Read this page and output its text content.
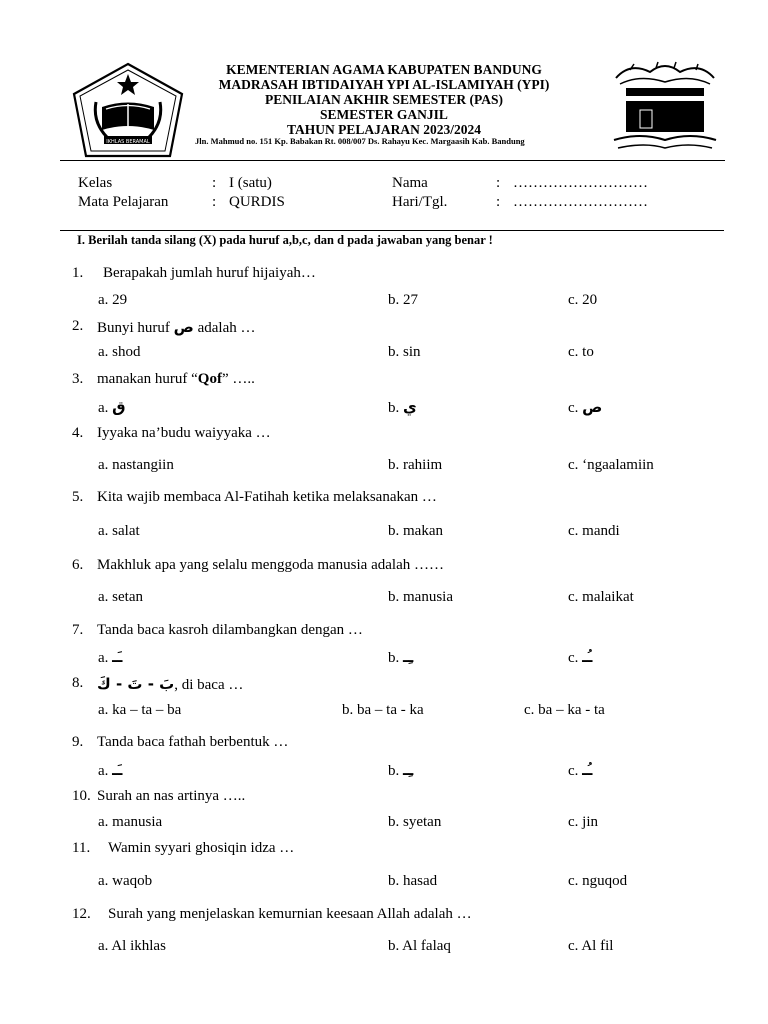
IKHLAS BERAMAL
KEMENTERIAN AGAMA KABUPATEN BANDUNG
MADRASAH IBTIDAIYAH YPI AL-ISLAMIYAH (YPI)
PENILAIAN AKHIR SEMESTER (PAS)
SEMESTER GANJIL
TAHUN PELAJARAN 2023/2024
Jln. Mahmud no. 151 Kp. Babakan Rt. 008/007 Ds. Rahayu Kec. Margaasih Kab. Bandung
Kelas	: I (satu)	Nama	: ………………………
Mata Pelajaran	: QURDIS	Hari/Tgl.	: ………………………
I. Berilah tanda silang (X) pada huruf a,b,c, dan d pada jawaban yang benar !
1. Berapakah jumlah huruf hijaiyah…
a. 29	b. 27	c. 20
2. Bunyi huruf ص adalah …
a. shod	b. sin	c. to
3. manakan huruf “Qof” …..
a. ق	b. ي	c. ص
4. Iyyaka na’budu waiyyaka …
a. nastangiin	b. rahiim	c. ‘ngaalamiin
5. Kita wajib membaca Al-Fatihah ketika melaksanakan …
a. salat	b. makan	c. mandi
6. Makhluk apa yang selalu menggoda manusia adalah ……
a. setan	b. manusia	c. malaikat
7. Tanda baca kasroh dilambangkan dengan …
a. ـَـ	b. ـِـ	c. ـُـ
8. بَ - تَ - كَ, di baca …
a. ka – ta – ba	b. ba – ta - ka	c. ba – ka - ta
9. Tanda baca fathah berbentuk …
a. ـَـ	b. ـِـ	c. ـُـ
10. Surah an nas artinya …..
a. manusia	b. syetan	c. jin
11. Wamin syyari ghosiqin idza …
a. waqob	b. hasad	c. nguqod
12. Surah yang menjelaskan kemurnian keesaan Allah adalah …
a. Al ikhlas	b. Al falaq	c. Al fil
